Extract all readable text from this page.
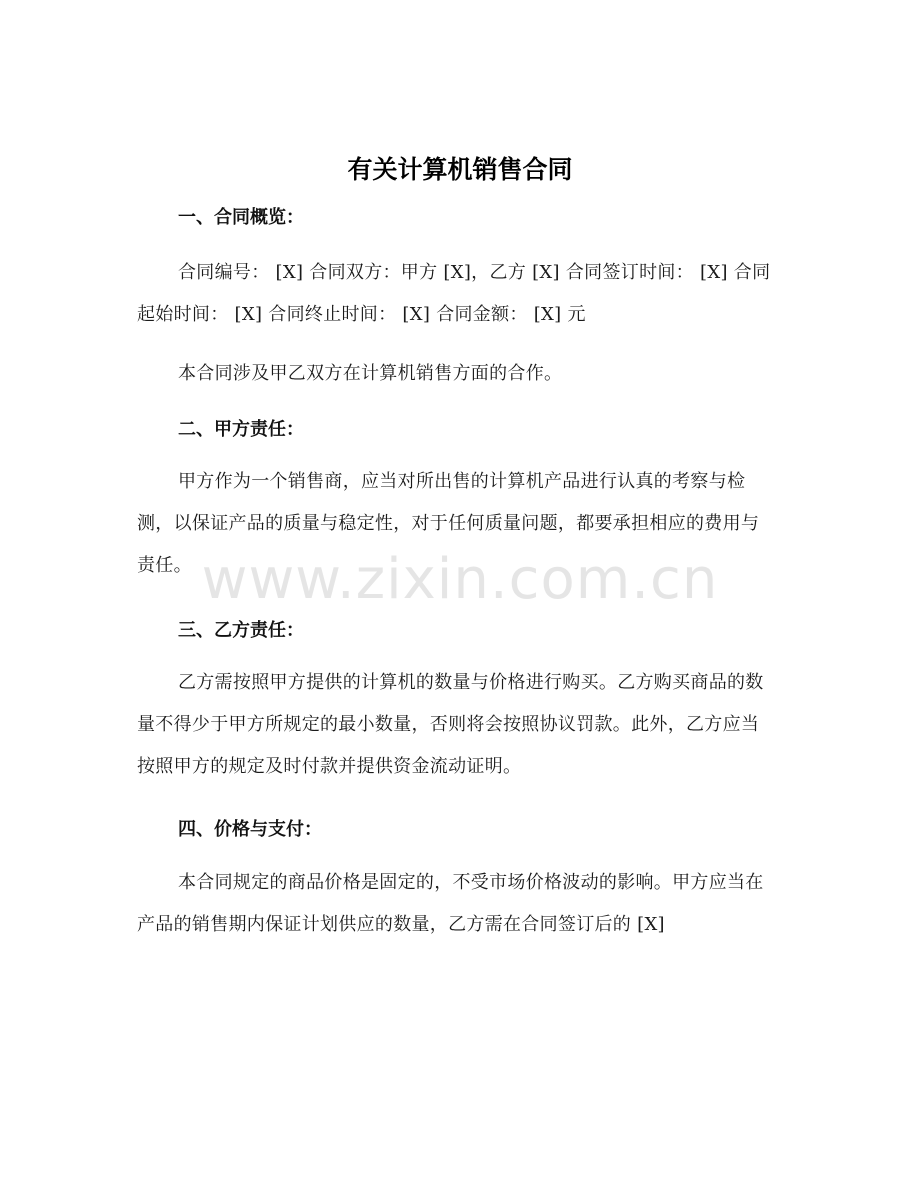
有关计算机销售合同
一、合同概览：

合同编号： [X] 合同双方：甲方 [X]，乙方 [X] 合同签订时间： [X] 合同起始时间： [X] 合同终止时间： [X] 合同金额： [X] 元

本合同涉及甲乙双方在计算机销售方面的合作。

二、甲方责任：

甲方作为一个销售商，应当对所出售的计算机产品进行认真的考察与检测，以保证产品的质量与稳定性，对于任何质量问题，都要承担相应的费用与责任。

三、乙方责任：

乙方需按照甲方提供的计算机的数量与价格进行购买。乙方购买商品的数量不得少于甲方所规定的最小数量，否则将会按照协议罚款。此外，乙方应当按照甲方的规定及时付款并提供资金流动证明。

四、价格与支付：

本合同规定的商品价格是固定的，不受市场价格波动的影响。甲方应当在产品的销售期内保证计划供应的数量，乙方需在合同签订后的 [X]

www.zixin.com.cn
